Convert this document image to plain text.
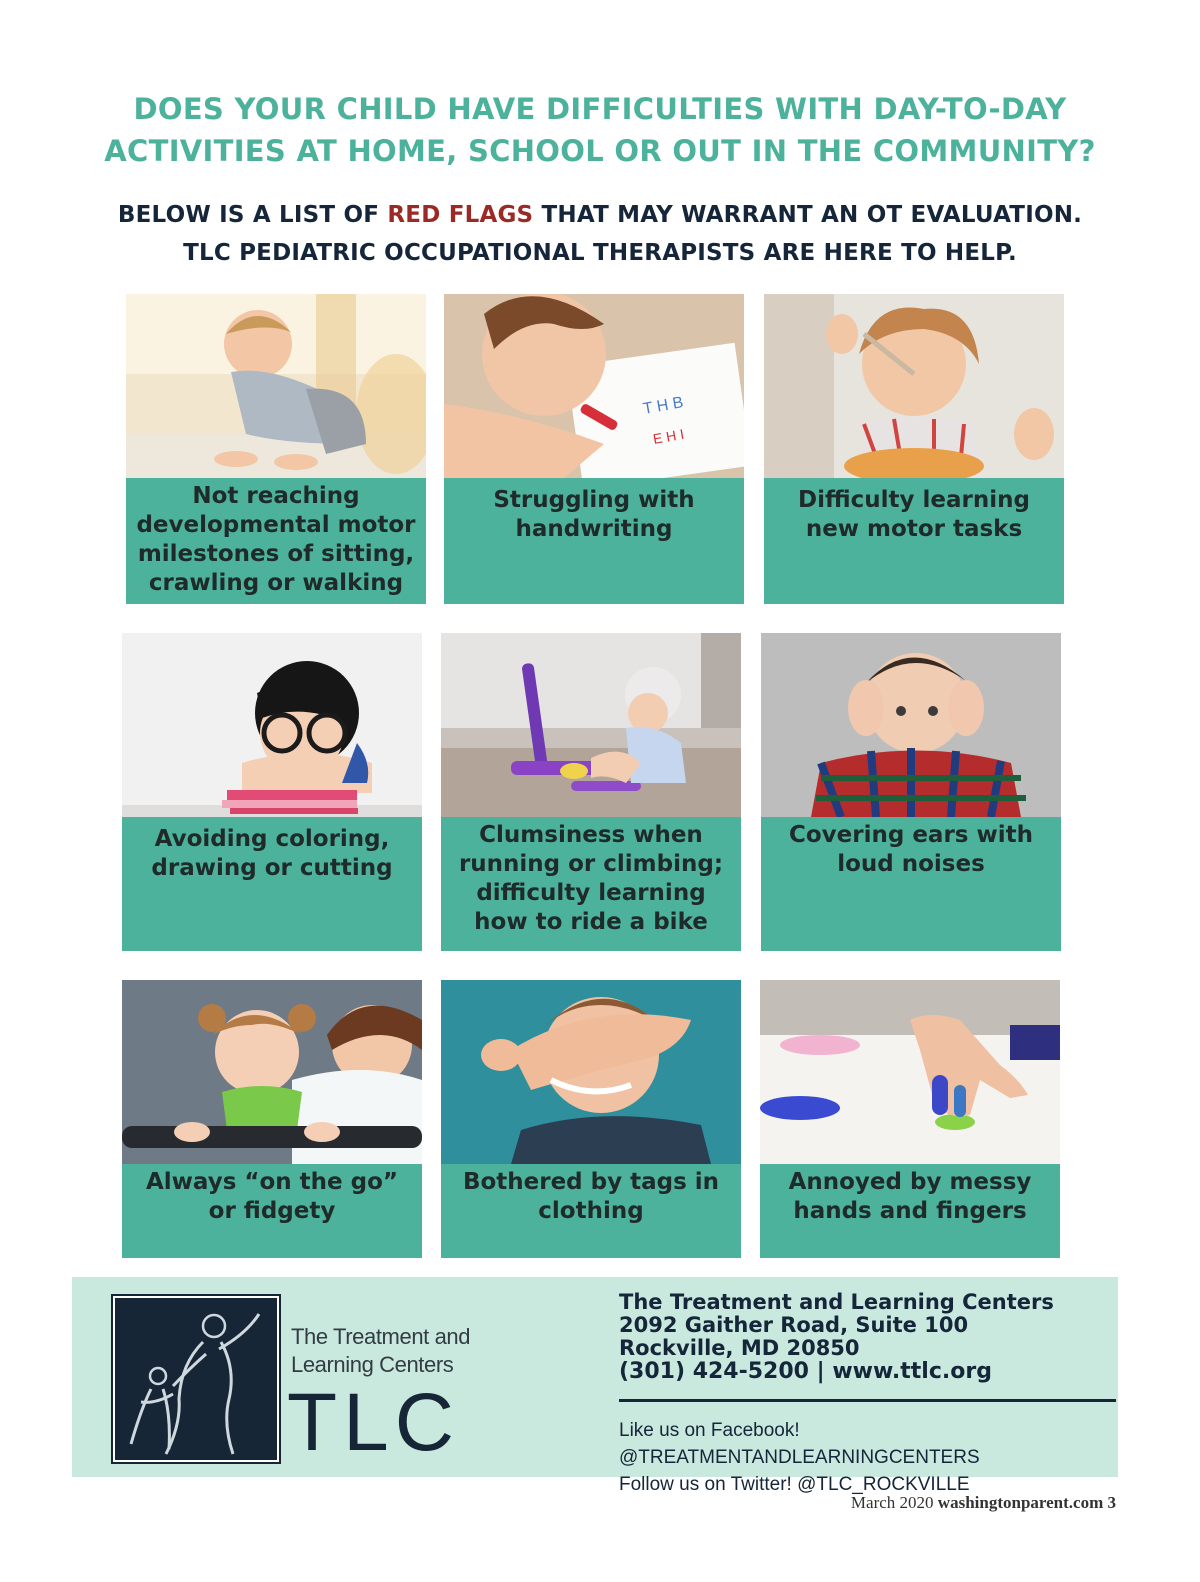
DOES YOUR CHILD HAVE DIFFICULTIES WITH DAY-TO-DAY
ACTIVITIES AT HOME, SCHOOL OR OUT IN THE COMMUNITY?
BELOW IS A LIST OF RED FLAGS THAT MAY WARRANT AN OT EVALUATION.
TLC PEDIATRIC OCCUPATIONAL THERAPISTS ARE HERE TO HELP.
Not reaching developmental motor milestones of sitting, crawling or walking
T H B
E H I
Struggling with handwriting
Difficulty learning new motor tasks
Avoiding coloring, drawing or cutting
Clumsiness when running or climbing; difficulty learning how to ride a bike
Covering ears with loud noises
Always “on the go” or fidgety
Bothered by tags in clothing
Annoyed by messy hands and fingers
The Treatment and
Learning Centers
TLC
The Treatment and Learning Centers
2092 Gaither Road, Suite 100
Rockville, MD 20850
(301) 424-5200 | www.ttlc.org
Like us on Facebook! @TREATMENTANDLEARNINGCENTERS
Follow us on Twitter! @TLC_ROCKVILLE
March 2020 washingtonparent.com 3
